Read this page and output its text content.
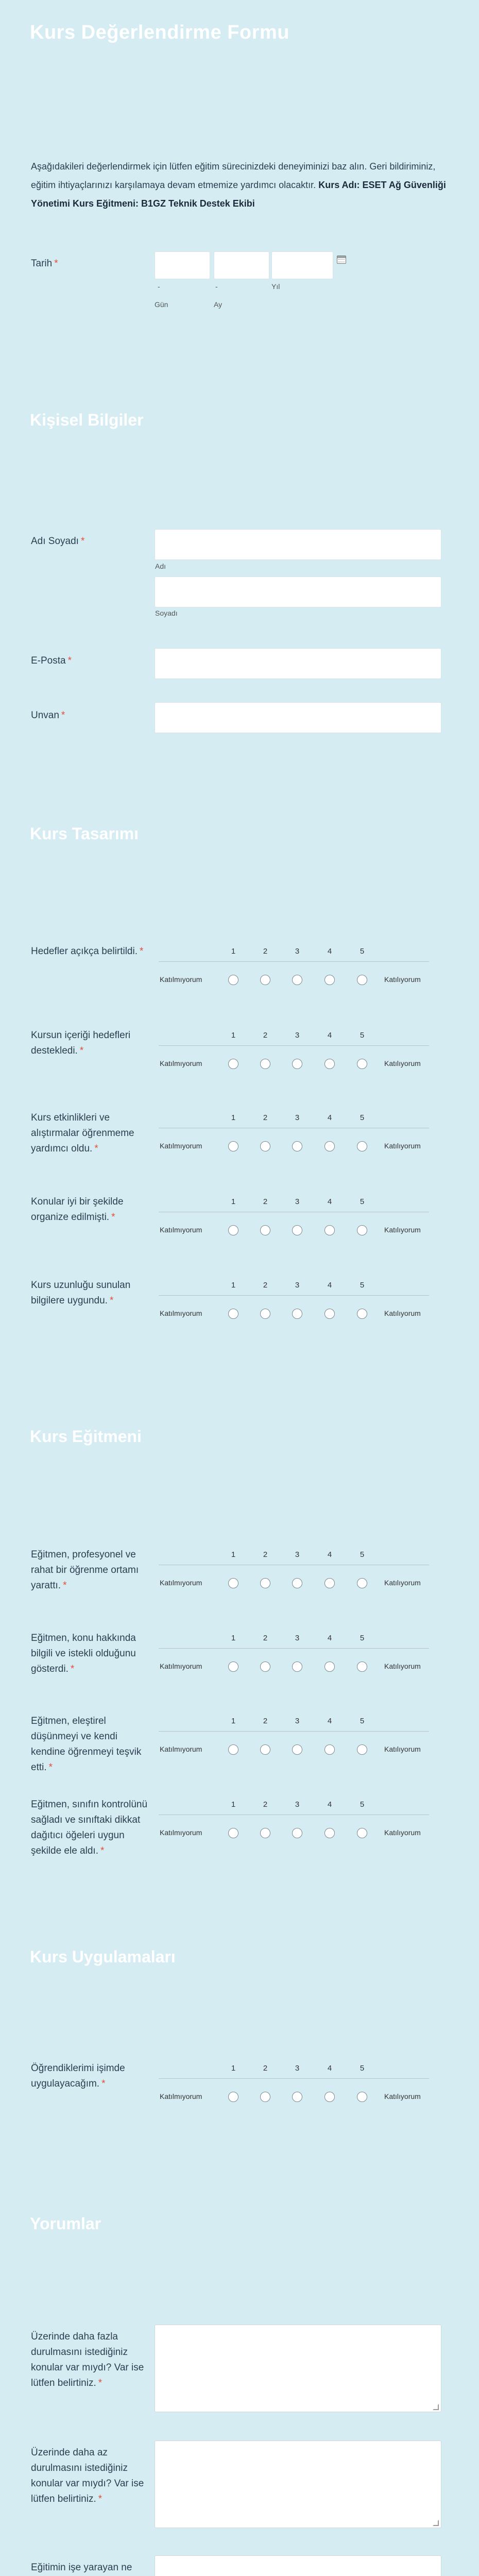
Kurs Değerlendirme Formu
Aşağıdakileri değerlendirmek için lütfen eğitim sürecinizdeki deneyiminizi baz alın. Geri bildiriminiz, eğitim ihtiyaçlarınızı karşılamaya devam etmemize yardımcı olacaktır. Kurs Adı: ESET Ağ Güvenliği Yönetimi Kurs Eğitmeni: B1GZ Teknik Destek Ekibi
Tarih *
-	-	Yıl
Gün	Ay
Kişisel Bilgiler
Adı Soyadı *
Adı
Soyadı
E-Posta *
Unvan *
Kurs Tasarımı
Kurs Eğitmeni
Kurs Uygulamaları
Yorumlar
Hedefler açıkça belirtildi. *	1	2	3	4	5
Katılmıyorum	Katılıyorum
Kursun içeriği hedefleri destekledi. *
1	2	3	4	5
Katılmıyorum	Katılıyorum
Kurs etkinlikleri ve alıştırmalar öğrenmeme yardımcı oldu. *
1	2	3	4	5
Katılmıyorum	Katılıyorum
Konular iyi bir şekilde organize edilmişti. *
1	2	3	4	5
Katılmıyorum	Katılıyorum
Kurs uzunluğu sunulan bilgilere uygundu. *
1	2	3	4	5
Katılmıyorum	Katılıyorum
Eğitmen, profesyonel ve rahat bir öğrenme ortamı yarattı. *
1	2	3	4	5
Katılmıyorum	Katılıyorum
Eğitmen, konu hakkında bilgili ve istekli olduğunu gösterdi. *
1	2	3	4	5
Katılmıyorum	Katılıyorum
Eğitmen, eleştirel düşünmeyi ve kendi kendine öğrenmeyi teşvik etti. *
1	2	3	4	5
Katılmıyorum	Katılıyorum
Eğitmen, sınıfın kontrolünü sağladı ve sınıftaki dikkat dağıtıcı öğeleri uygun şekilde ele aldı. *
1	2	3	4	5
Katılmıyorum	Katılıyorum
Öğrendiklerimi işimde uygulayacağım. *
1	2	3	4	5
Katılmıyorum	Katılıyorum
Üzerinde daha fazla durulmasını istediğiniz konular var mıydı? Var ise lütfen belirtiniz. *
Üzerinde daha az durulmasını istediğiniz konular var mıydı? Var ise lütfen belirtiniz. *
Eğitimin işe yarayan ne
